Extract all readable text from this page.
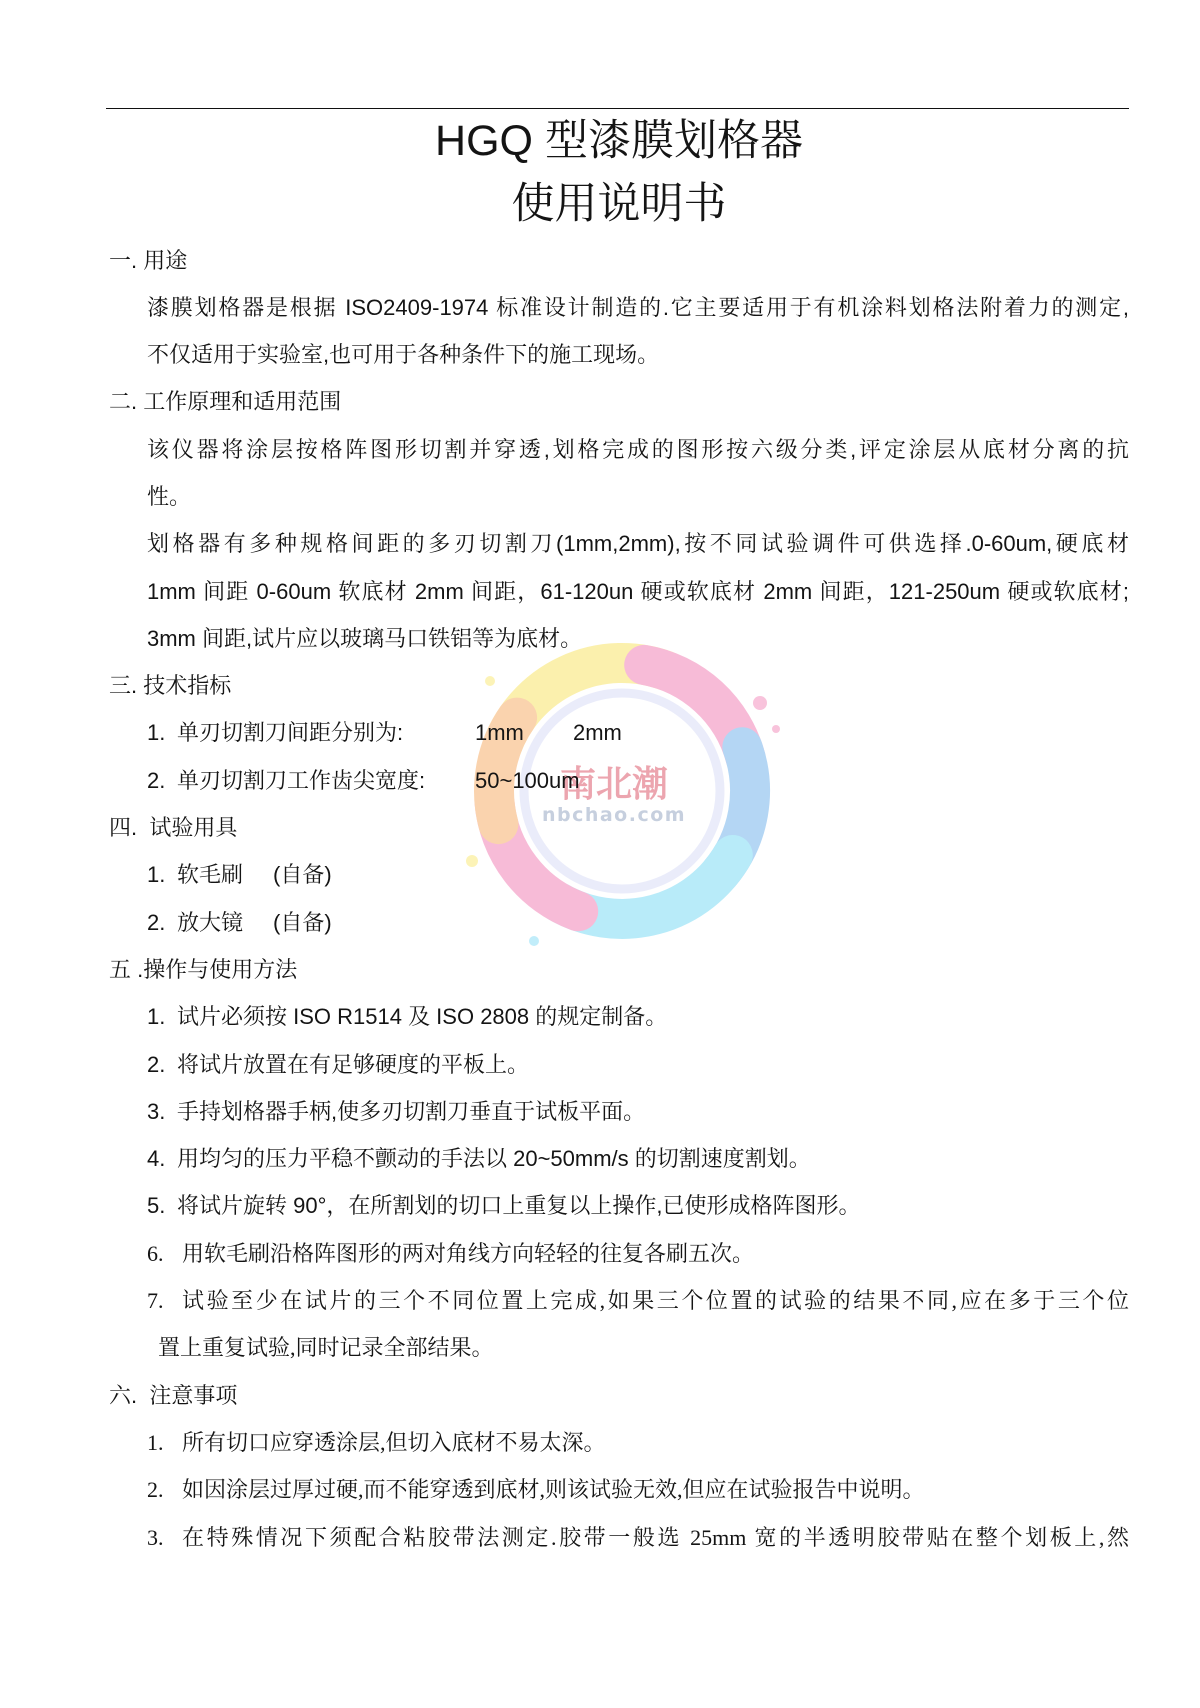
HGQ 型漆膜划格器
使用说明书
南北潮
nbchao.com
一. 用途
漆膜划格器是根据 ISO2409-1974 标准设计制造的.它主要适用于有机涂料划格法附着力的测定,
不仅适用于实验室,也可用于各种条件下的施工现场。
二. 工作原理和适用范围
该仪器将涂层按格阵图形切割并穿透,划格完成的图形按六级分类,评定涂层从底材分离的抗
性。
划格器有多种规格间距的多刃切割刀(1mm,2mm),按不同试验调件可供选择.0-60um,硬底材
1mm 间距 0-60um 软底材 2mm 间距，61-120un 硬或软底材 2mm 间距，121-250um 硬或软底材;
3mm 间距,试片应以玻璃马口铁铝等为底材。
三. 技术指标
1. 单刃切割刀间距分别为:	1mm 2mm
2. 单刃切割刀工作齿尖宽度: 50~100um
四.  试验用具
1. 软毛刷 (自备)
2. 放大镜 (自备)
五 .操作与使用方法
1. 试片必须按 ISO R1514 及 ISO 2808 的规定制备。
2. 将试片放置在有足够硬度的平板上。
3. 手持划格器手柄,使多刃切割刀垂直于试板平面。
4. 用均匀的压力平稳不颤动的手法以 20~50mm/s 的切割速度割划。
5. 将试片旋转 90°，在所割划的切口上重复以上操作,已使形成格阵图形。
6. 用软毛刷沿格阵图形的两对角线方向轻轻的往复各刷五次。
7. 试验至少在试片的三个不同位置上完成,如果三个位置的试验的结果不同,应在多于三个位
置上重复试验,同时记录全部结果。
六.  注意事项
1. 所有切口应穿透涂层,但切入底材不易太深。
2. 如因涂层过厚过硬,而不能穿透到底材,则该试验无效,但应在试验报告中说明。
3. 在特殊情况下须配合粘胶带法测定.胶带一般选 25mm 宽的半透明胶带贴在整个划板上,然
